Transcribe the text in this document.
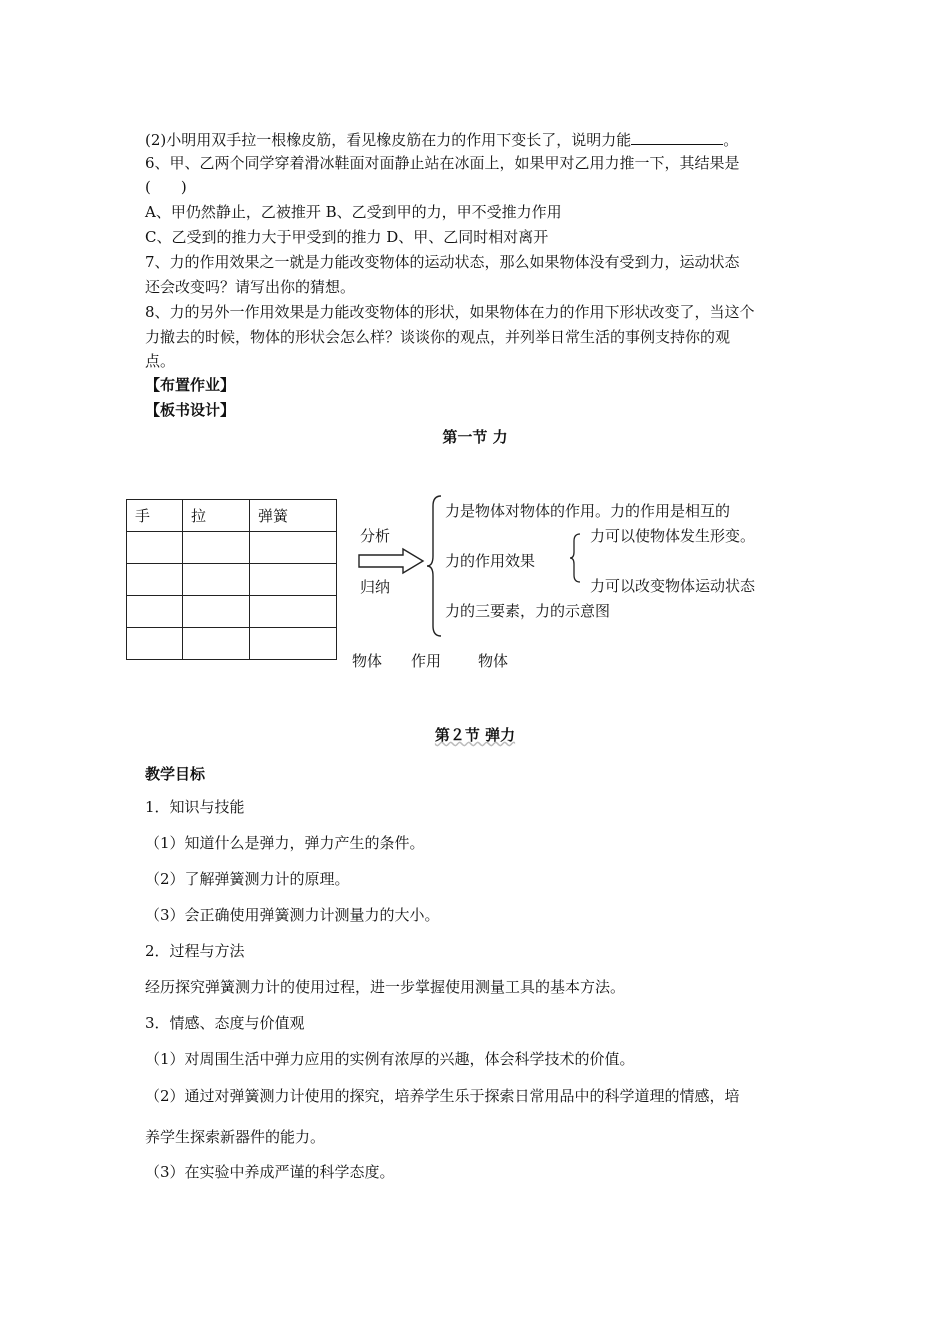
(2)小明用双手拉一根橡皮筋，看见橡皮筋在力的作用下变长了，说明力能	。
6、甲、乙两个同学穿着滑冰鞋面对面静止站在冰面上，如果甲对乙用力推一下，其结果是
(　　)
A、甲仍然静止，乙被推开 B、乙受到甲的力，甲不受推力作用
C、乙受到的推力大于甲受到的推力 D、甲、乙同时相对离开
7、力的作用效果之一就是力能改变物体的运动状态，那么如果物体没有受到力，运动状态
还会改变吗？请写出你的猜想。
8、力的另外一作用效果是力能改变物体的形状，如果物体在力的作用下形状改变了，当这个
力撤去的时候，物体的形状会怎么样？谈谈你的观点，并列举日常生活的事例支持你的观
点。
【布置作业】
【板书设计】
第一节 力
手	拉	弹簧

分析
归纳
力是物体对物体的作用。力的作用是相互的
力的作用效果
力的三要素，力的示意图
力可以使物体发生形变。
力可以改变物体运动状态
物体 作用 物体
第２节 弹力
教学目标
1．知识与技能
（1）知道什么是弹力，弹力产生的条件。
（2）了解弹簧测力计的原理。
（3）会正确使用弹簧测力计测量力的大小。
2．过程与方法
经历探究弹簧测力计的使用过程，进一步掌握使用测量工具的基本方法。
3．情感、态度与价值观
（1）对周围生活中弹力应用的实例有浓厚的兴趣，体会科学技术的价值。
（2）通过对弹簧测力计使用的探究，培养学生乐于探索日常用品中的科学道理的情感，培
养学生探索新器件的能力。
（3）在实验中养成严谨的科学态度。
